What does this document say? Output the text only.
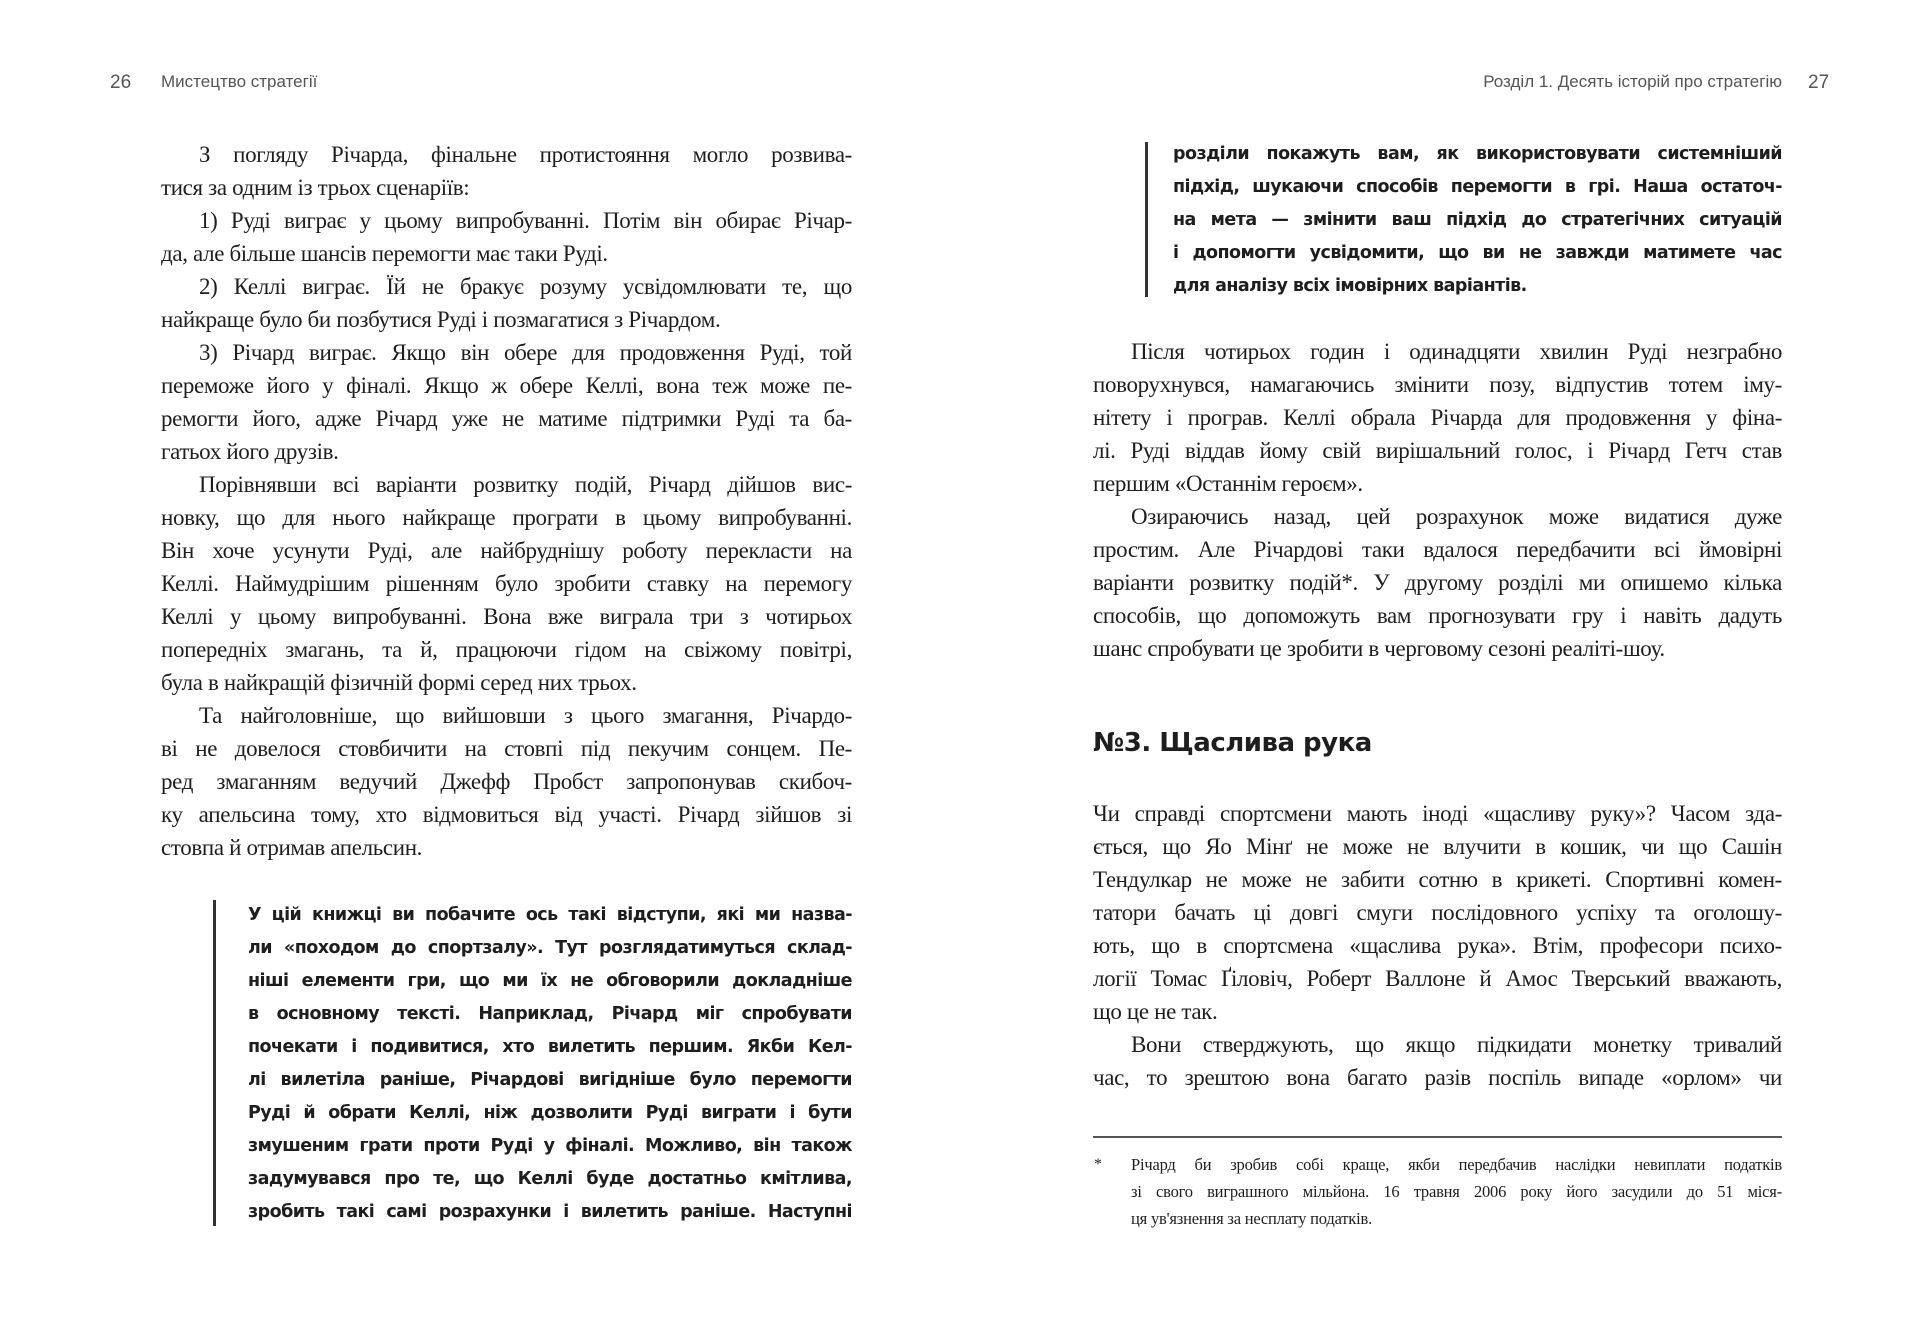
26 Мистецтво стратегії
З погляду Річарда, фінальне протистояння могло розвива-
тися за одним із трьох сценаріїв:
1) Руді виграє у цьому випробуванні. Потім він обирає Річар-
да, але більше шансів перемогти має таки Руді.
2) Келлі виграє. Їй не бракує розуму усвідомлювати те, що
найкраще було би позбутися Руді і позмагатися з Річардом.
3) Річард виграє. Якщо він обере для продовження Руді, той
переможе його у фіналі. Якщо ж обере Келлі, вона теж може пе-
ремогти його, адже Річард уже не матиме підтримки Руді та ба-
гатьох його друзів.
Порівнявши всі варіанти розвитку подій, Річард дійшов вис-
новку, що для нього найкраще програти в цьому випробуванні.
Він хоче усунути Руді, але найбруднішу роботу перекласти на
Келлі. Наймудрішим рішенням було зробити ставку на перемогу
Келлі у цьому випробуванні. Вона вже виграла три з чотирьох
попередніх змагань, та й, працюючи гідом на свіжому повітрі,
була в найкращій фізичній формі серед них трьох.
Та найголовніше, що вийшовши з цього змагання, Річардо-
ві не довелося стовбичити на стовпі під пекучим сонцем. Пе-
ред змаганням ведучий Джефф Пробст запропонував скибоч-
ку апельсина тому, хто відмовиться від участі. Річард зійшов зі
стовпа й отримав апельсин.
У цій книжці ви побачите ось такі відступи, які ми назва-
ли «походом до спортзалу». Тут розглядатимуться склад-
ніші елементи гри, що ми їх не обговорили докладніше
в основному тексті. Наприклад, Річард міг спробувати
почекати і подивитися, хто вилетить першим. Якби Кел-
лі вилетіла раніше, Річардові вигідніше було перемогти
Руді й обрати Келлі, ніж дозволити Руді виграти і бути
змушеним грати проти Руді у фіналі. Можливо, він також
задумувався про те, що Келлі буде достатньо кмітлива,
зробить такі самі розрахунки і вилетить раніше. Наступні
Розділ 1. Десять історій про стратегію 27
розділи покажуть вам, як використовувати системніший
підхід, шукаючи способів перемогти в грі. Наша остаточ-
на мета — змінити ваш підхід до стратегічних ситуацій
і допомогти усвідомити, що ви не завжди матимете час
для аналізу всіх імовірних варіантів.
Після чотирьох годин і одинадцяти хвилин Руді незграбно
поворухнувся, намагаючись змінити позу, відпустив тотем іму-
нітету і програв. Келлі обрала Річарда для продовження у фіна-
лі. Руді віддав йому свій вирішальний голос, і Річард Гетч став
першим «Останнім героєм».
Озираючись назад, цей розрахунок може видатися дуже
простим. Але Річардові таки вдалося передбачити всі ймовірні
варіанти розвитку подій*. У другому розділі ми опишемо кілька
способів, що допоможуть вам прогнозувати гру і навіть дадуть
шанс спробувати це зробити в черговому сезоні реаліті-шоу.
№3. Щаслива рука
Чи справді спортсмени мають іноді «щасливу руку»? Часом зда-
ється, що Яо Мінґ не може не влучити в кошик, чи що Сашін
Тендулкар не може не забити сотню в крикеті. Спортивні комен-
татори бачать ці довгі смуги послідовного успіху та оголошу-
ють, що в спортсмена «щаслива рука». Втім, професори психо-
логії Томас Ґіловіч, Роберт Валлоне й Амос Тверський вважають,
що це не так.
Вони стверджують, що якщо підкидати монетку тривалий
час, то зрештою вона багато разів поспіль випаде «орлом» чи
* Річард би зробив собі краще, якби передбачив наслідки невиплати податків
зі свого виграшного мільйона. 16 травня 2006 року його засудили до 51 міся-
ця ув'язнення за несплату податків.
